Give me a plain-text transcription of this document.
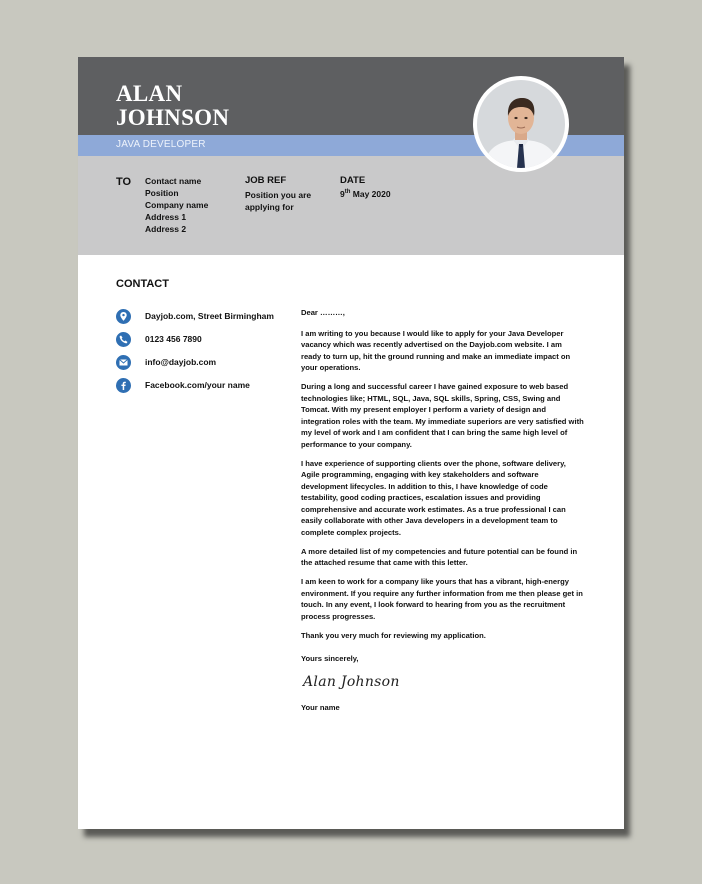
ALAN
JOHNSON
JAVA DEVELOPER
TO Contact name
Position
Company name
Address 1
Address 2
JOB REF
Position you are
applying for
DATE
9th May 2020
CONTACT
Dayjob.com, Street Birmingham
0123 456 7890
info@dayjob.com
Facebook.com/your name

Dear ………,

I am writing to you because I would like to apply for your Java Developer vacancy which was recently advertised on the Dayjob.com website. I am ready to turn up, hit the ground running and make an immediate impact on your operations.

During a long and successful career I have gained exposure to web based technologies like; HTML, SQL, Java, SQL skills, Spring, CSS, Swing and Tomcat. With my present employer I perform a variety of design and integration roles with the team. My immediate superiors are very satisfied with my level of work and I am confident that I can bring the same high level of performance to your company.

I have experience of supporting clients over the phone, software delivery, Agile programming, engaging with key stakeholders and software development lifecycles. In addition to this, I have knowledge of code testability, good coding practices, escalation issues and providing comprehensive and accurate work estimates. As a true professional I can easily collaborate with other Java developers in a development team to complete complex projects.

A more detailed list of my competencies and future potential can be found in the attached resume that came with this letter.

I am keen to work for a company like yours that has a vibrant, high-energy environment. If you require any further information from me then please get in touch. In any event, I look forward to hearing from you as the recruitment process progresses.

Thank you very much for reviewing my application.

Yours sincerely,

Alan Johnson

Your name
